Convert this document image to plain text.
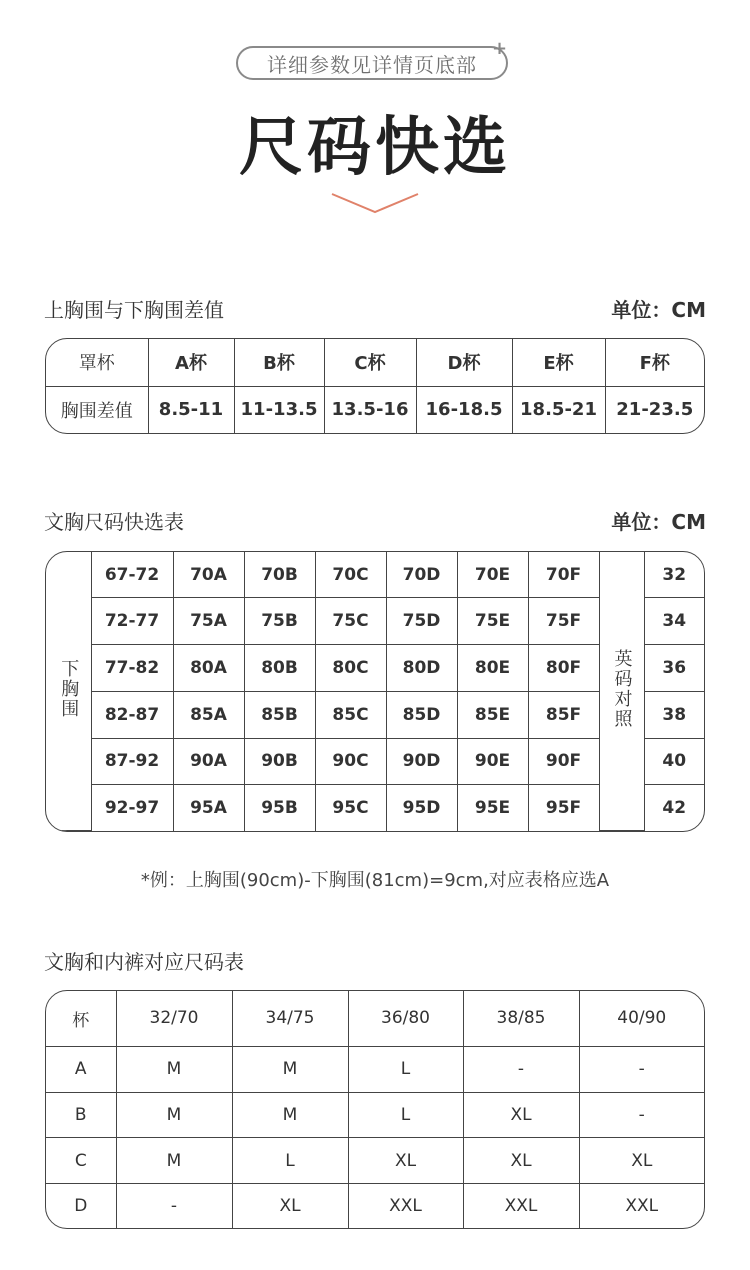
详细参数见详情页底部
+
尺码快选
上胸围与下胸围差值	单位：CM
罩杯	A杯	B杯	C杯	D杯	E杯	F杯
胸围差值	8.5-11	11-13.5	13.5-16	16-18.5	18.5-21	21-23.5
文胸尺码快选表	单位：CM
下胸围	67-72	70A	70B	70C	70D	70E	70F	英码对照	32
	72-77	75A	75B	75C	75D	75E	75F		34
	77-82	80A	80B	80C	80D	80E	80F		36
	82-87	85A	85B	85C	85D	85E	85F		38
	87-92	90A	90B	90C	90D	90E	90F		40
	92-97	95A	95B	95C	95D	95E	95F		42
*例：上胸围(90cm)-下胸围(81cm)=9cm,对应表格应选A
文胸和内裤对应尺码表
杯	32/70	34/75	36/80	38/85	40/90
A	M	M	L	-	-
B	M	M	L	XL	-
C	M	L	XL	XL	XL
D	-	XL	XXL	XXL	XXL
